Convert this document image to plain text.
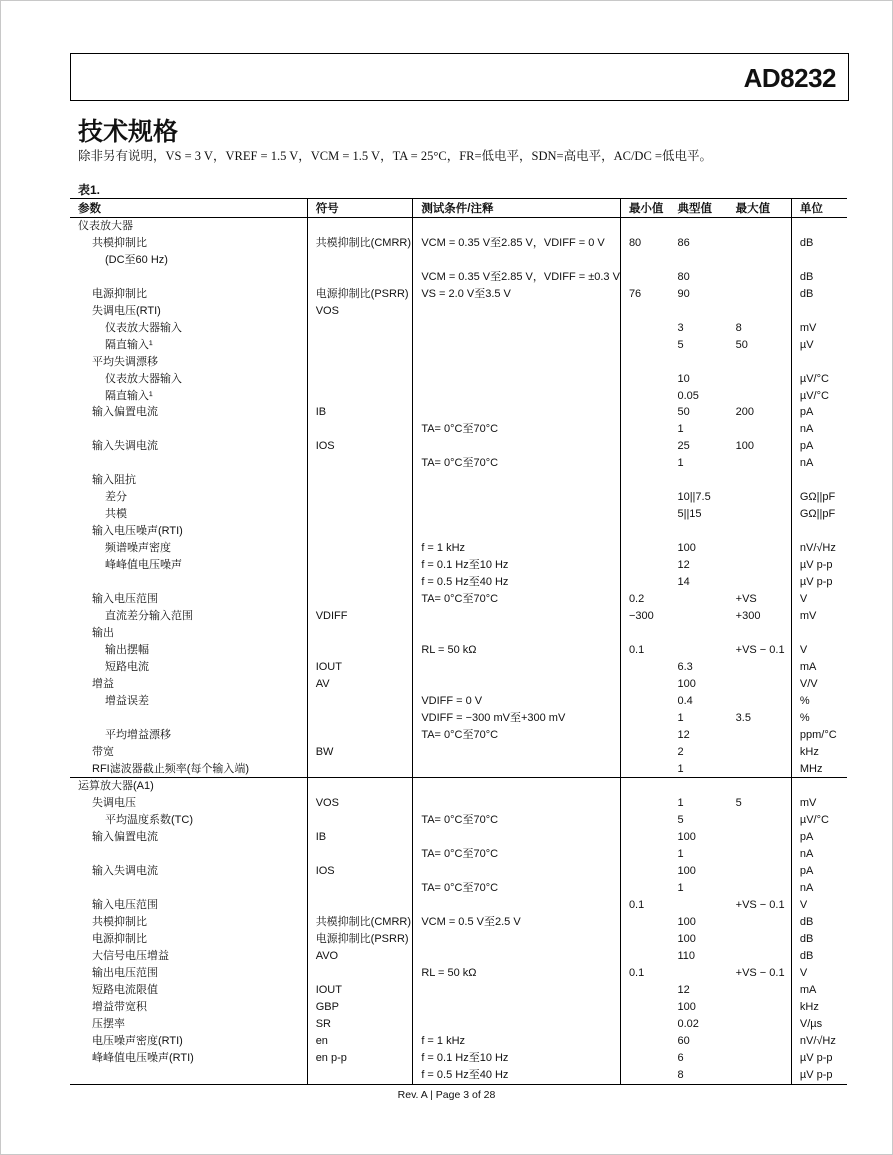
AD8232
技术规格
除非另有说明，VS = 3 V，VREF = 1.5 V，VCM = 1.5 V，TA = 25°C，FR=低电平，SDN=高电平，AC/DC =低电平。
表1.
参数	符号	测试条件/注释	最小值	典型值	最大值	单位
仪表放大器						
共模抑制比	共模抑制比(CMRR)	VCM = 0.35 V至2.85 V，VDIFF = 0 V	80	86		dB
(DC至60 Hz)						
		VCM = 0.35 V至2.85 V，VDIFF = ±0.3 V		80		dB
电源抑制比	电源抑制比(PSRR)	VS = 2.0 V至3.5 V	76	90		dB
失调电压(RTI)	VOS					
仪表放大器输入				3	8	mV
隔直输入¹				5	50	µV
平均失调漂移						
仪表放大器输入				10		µV/°C
隔直输入¹				0.05		µV/°C
输入偏置电流	IB			50	200	pA
		TA= 0°C至70°C		1		nA
输入失调电流	IOS			25	100	pA
		TA= 0°C至70°C		1		nA
输入阻抗						
差分				10||7.5		GΩ||pF
共模				5||15		GΩ||pF
输入电压噪声(RTI)						
频谱噪声密度		f = 1 kHz		100		nV/√Hz
峰峰值电压噪声		f = 0.1 Hz至10 Hz		12		µV p-p
		f = 0.5 Hz至40 Hz		14		µV p-p
输入电压范围		TA= 0°C至70°C	0.2		+VS	V
直流差分输入范围	VDIFF		−300		+300	mV
输出						
输出摆幅		RL = 50 kΩ	0.1		+VS − 0.1	V
短路电流	IOUT			6.3		mA
增益	AV			100		V/V
增益误差		VDIFF = 0 V		0.4		%
		VDIFF = −300 mV至+300 mV		1	3.5	%
平均增益漂移		TA= 0°C至70°C		12		ppm/°C
带宽	BW			2		kHz
RFI滤波器截止频率(每个输入端)				1		MHz
运算放大器(A1)						
失调电压	VOS			1	5	mV
平均温度系数(TC)		TA= 0°C至70°C		5		µV/°C
输入偏置电流	IB			100		pA
		TA= 0°C至70°C		1		nA
输入失调电流	IOS			100		pA
		TA= 0°C至70°C		1		nA
输入电压范围			0.1		+VS − 0.1	V
共模抑制比	共模抑制比(CMRR)	VCM = 0.5 V至2.5 V		100		dB
电源抑制比	电源抑制比(PSRR)			100		dB
大信号电压增益	AVO			110		dB
输出电压范围		RL = 50 kΩ	0.1		+VS − 0.1	V
短路电流限值	IOUT			12		mA
增益带宽积	GBP			100		kHz
压摆率	SR			0.02		V/µs
电压噪声密度(RTI)	en	f = 1 kHz		60		nV/√Hz
峰峰值电压噪声(RTI)	en p-p	f = 0.1 Hz至10 Hz		6		µV p-p
		f = 0.5 Hz至40 Hz		8		µV p-p
Rev. A | Page 3 of 28
